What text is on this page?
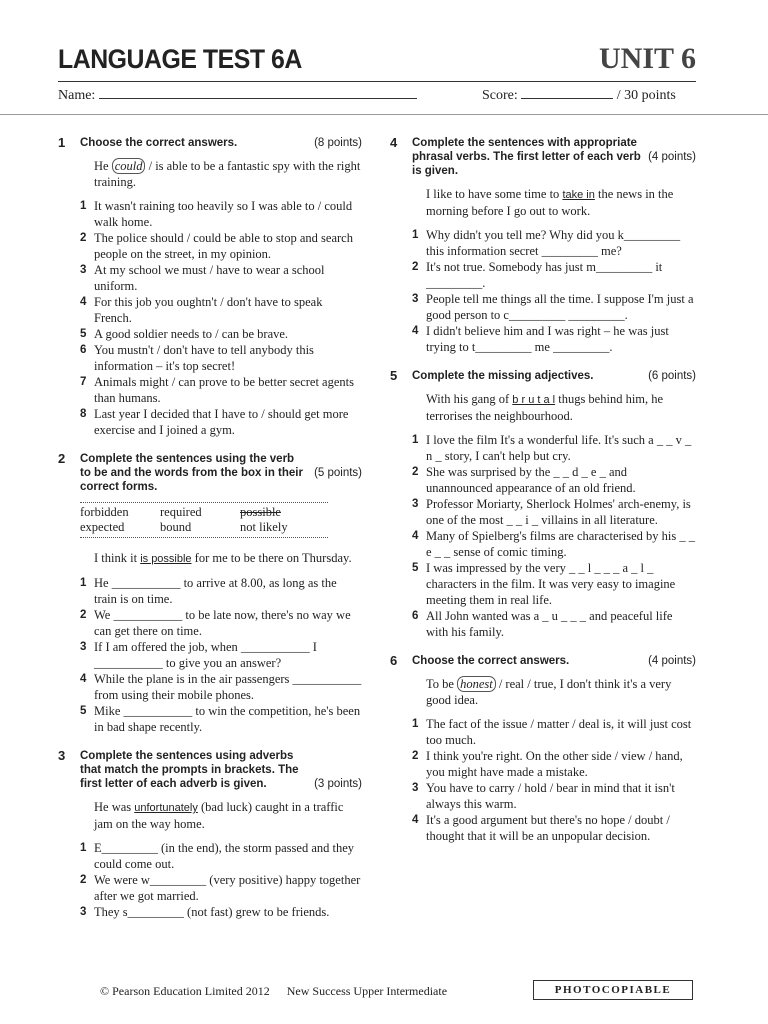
LANGUAGE TEST 6A	UNIT 6
Name:	Score:	/ 30 points
1	(8 points)
Choose the correct answers.
He could / is able to be a fantastic spy with the right training.
1 It wasn't raining too heavily so I was able to / could walk home.
2 The police should / could be able to stop and search people on the street, in my opinion.
3 At my school we must / have to wear a school uniform.
4 For this job you oughtn't / don't have to speak French.
5 A good soldier needs to / can be brave.
6 You mustn't / don't have to tell anybody this information – it's top secret!
7 Animals might / can prove to be better secret agents than humans.
8 Last year I decided that I have to / should get more exercise and I joined a gym.
2
(5 points)
Complete the sentences using the verb to be and the words from the box in their correct forms.
forbidden	required	possible
expected	bound	not likely
I think it is possible for me to be there on Thursday.
1 He ___________ to arrive at 8.00, as long as the train is on time.
2 We ___________ to be late now, there's no way we can get there on time.
3 If I am offered the job, when ___________ I ___________ to give you an answer?
4 While the plane is in the air passengers ___________ from using their mobile phones.
5 Mike ___________ to win the competition, he's been in bad shape recently.
3
(3 points)
Complete the sentences using adverbs that match the prompts in brackets. The first letter of each adverb is given.
He was unfortunately (bad luck) caught in a traffic jam on the way home.
1 E_________ (in the end), the storm passed and they could come out.
2 We were w_________ (very positive) happy together after we got married.
3 They s_________ (not fast) grew to be friends.
4
(4 points)
Complete the sentences with appropriate phrasal verbs. The first letter of each verb is given.
I like to have some time to take in the news in the morning before I go out to work.
1 Why didn't you tell me? Why did you k_________ this information secret _________ me?
2 It's not true. Somebody has just m_________ it _________.
3 People tell me things all the time. I suppose I'm just a good person to c_________ _________.
4 I didn't believe him and I was right – he was just trying to t_________ me _________.
5	(6 points)
Complete the missing adjectives.
With his gang of b r u t a l thugs behind him, he terrorises the neighbourhood.
1 I love the film It's a wonderful life. It's such a _ _ v _ n _ story, I can't help but cry.
2 She was surprised by the _ _ d _ e _ and unannounced appearance of an old friend.
3 Professor Moriarty, Sherlock Holmes' arch-enemy, is one of the most _ _ i _ villains in all literature.
4 Many of Spielberg's films are characterised by his _ _ e _ _ sense of comic timing.
5 I was impressed by the very _ _ l _ _ _ a _ l _ characters in the film. It was very easy to imagine meeting them in real life.
6 All John wanted was a _ u _ _ _ and peaceful life with his family.
6	(4 points)
Choose the correct answers.
To be honest / real / true, I don't think it's a very good idea.
1 The fact of the issue / matter / deal is, it will just cost too much.
2 I think you're right. On the other side / view / hand, you might have made a mistake.
3 You have to carry / hold / bear in mind that it isn't always this warm.
4 It's a good argument but there's no hope / doubt / thought that it will be an unpopular decision.
© Pearson Education Limited 2012 New Success Upper Intermediate	PHOTOCOPIABLE
